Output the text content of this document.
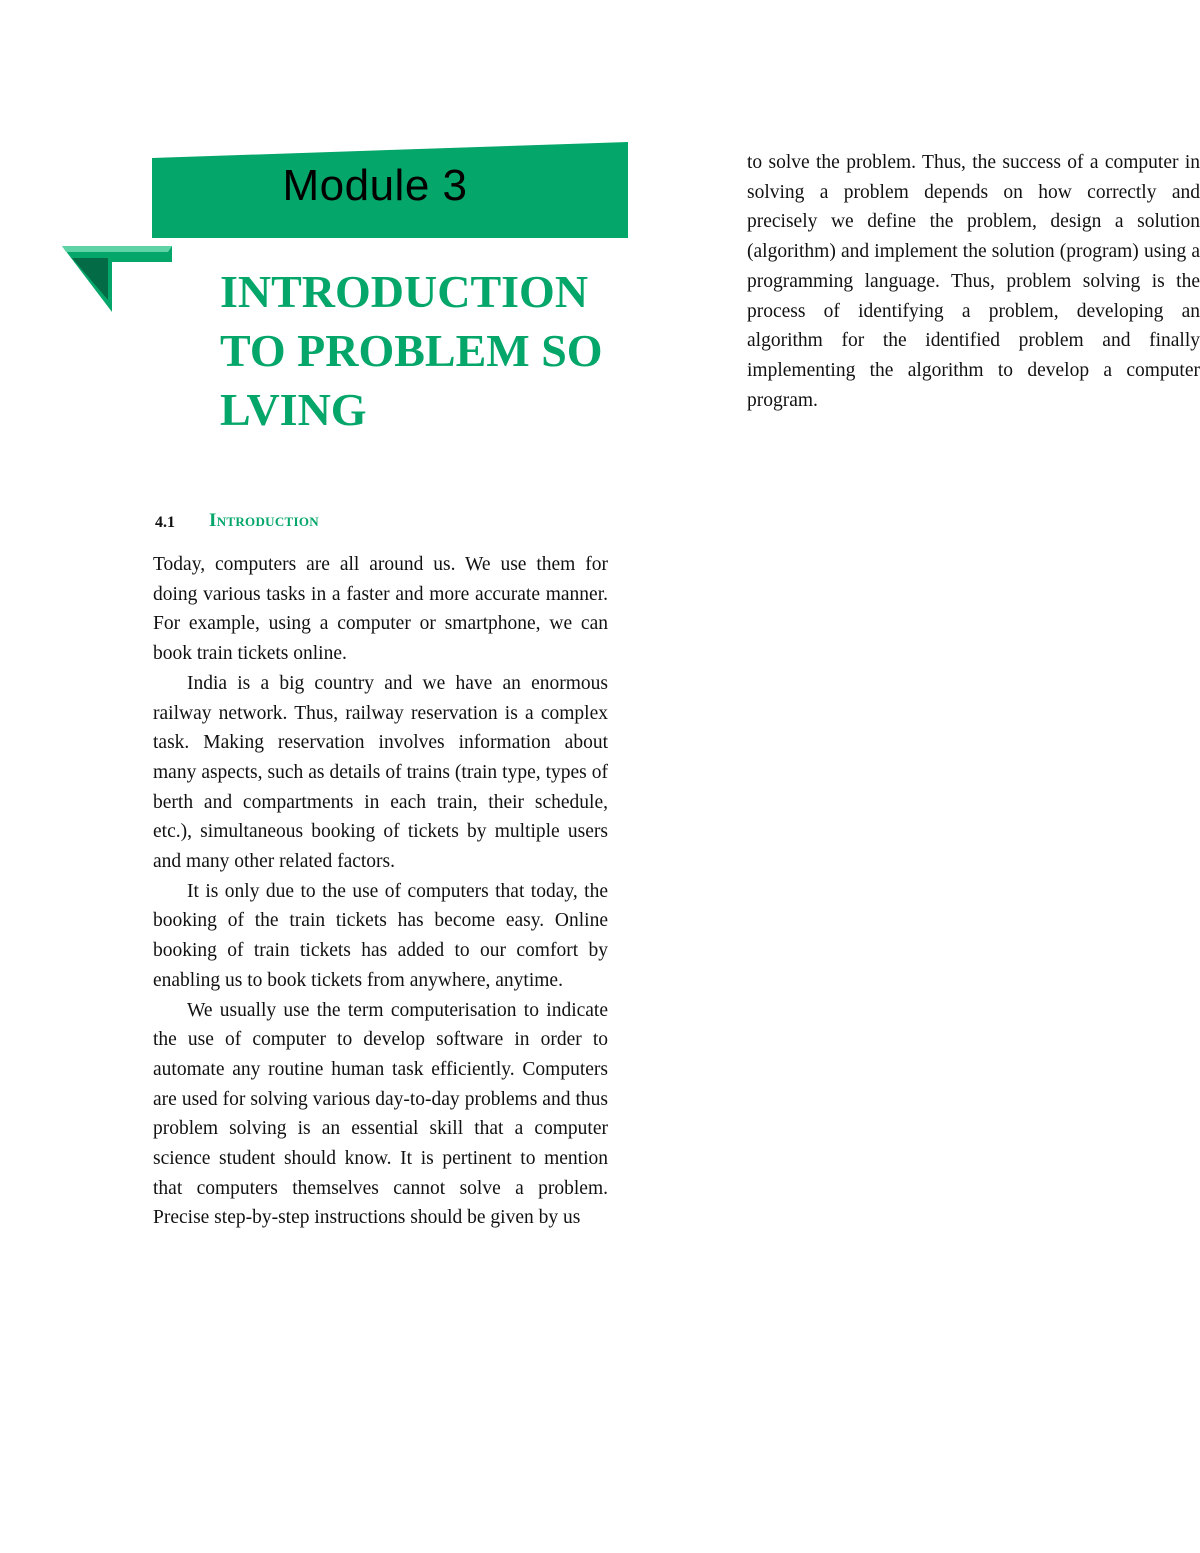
Module 3
INTRODUCTION TO PROBLEM SOLVING
4.1 Introduction

Today, computers are all around us. We use them for doing various tasks in a faster and more accurate manner. For example, using a computer or smartphone, we can book train tickets online.

India is a big country and we have an enormous railway network. Thus, railway reservation is a complex task. Making reservation involves information about many aspects, such as details of trains (train type, types of berth and compartments in each train, their schedule, etc.), simultaneous booking of tickets by multiple users and many other related factors.

It is only due to the use of computers that today, the booking of the train tickets has become easy. Online booking of train tickets has added to our comfort by enabling us to book tickets from anywhere, anytime.

We usually use the term computerisation to indicate the use of computer to develop software in order to automate any routine human task efficiently. Computers are used for solving various day-to-day problems and thus problem solving is an essential skill that a computer science student should know. It is pertinent to mention that computers themselves cannot solve a problem. Precise step-by-step instructions should be given by us

to solve the problem. Thus, the success of a computer in solving a problem depends on how correctly and precisely we define the problem, design a solution (algorithm) and implement the solution (program) using a programming language. Thus, problem solving is the process of identifying a problem, developing an algorithm for the identified problem and finally implementing the algorithm to develop a computer program.
